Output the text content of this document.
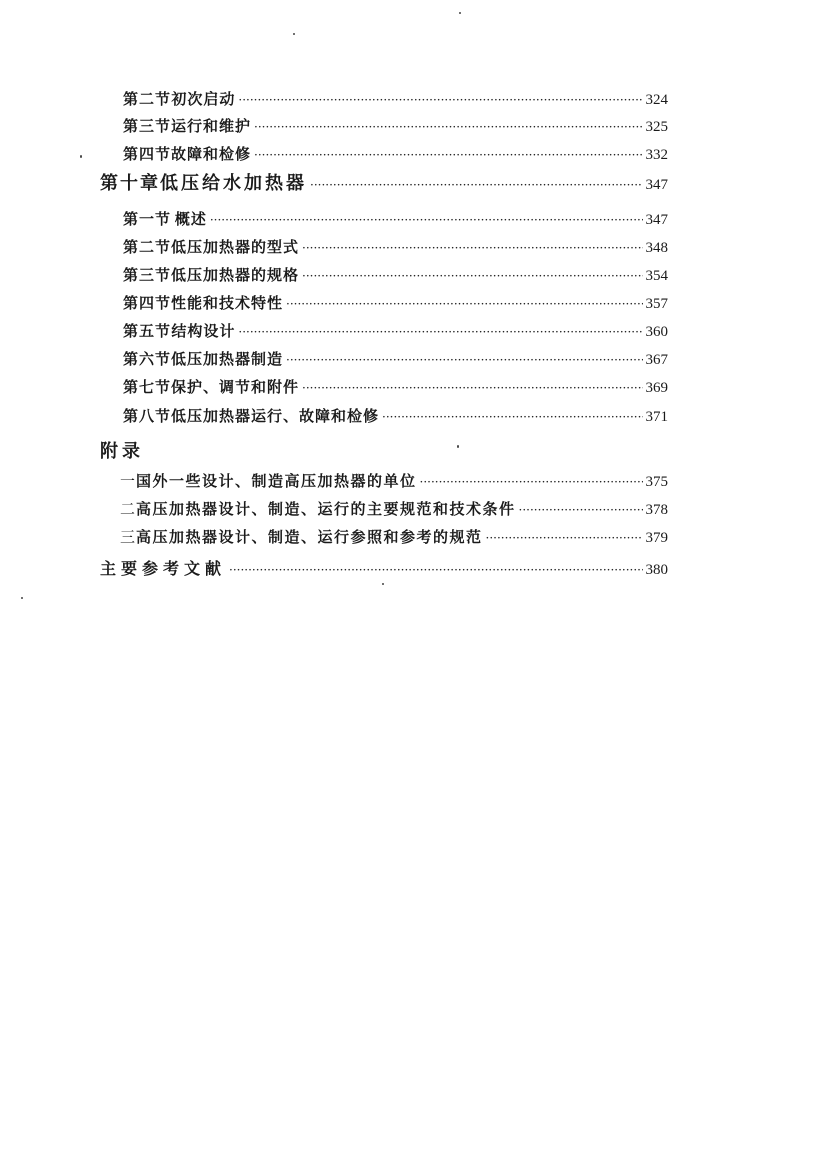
第二节 初次启动 ·····	324
第三节 运行和维护 ·····	325
第四节 故障和检修 ·····	332
第十章 低压给水加热器 ·····	347
第一节 概述 ·····	347
第二节 低压加热器的型式 ·····	348
第三节 低压加热器的规格 ·····	354
第四节 性能和技术特性 ·····	357
第五节 结构设计 ·····	360
第六节 低压加热器制造 ·····	367
第七节 保护、调节和附件 ·····	369
第八节 低压加热器运行、故障和检修 ·····	371
附录
一 国外一些设计、制造高压加热器的单位 ·····	375
二 高压加热器设计、制造、运行的主要规范和技术条件 ·····	378
三 高压加热器设计、制造、运行参照和参考的规范 ·····	379
主要参考文献 ·····	380
